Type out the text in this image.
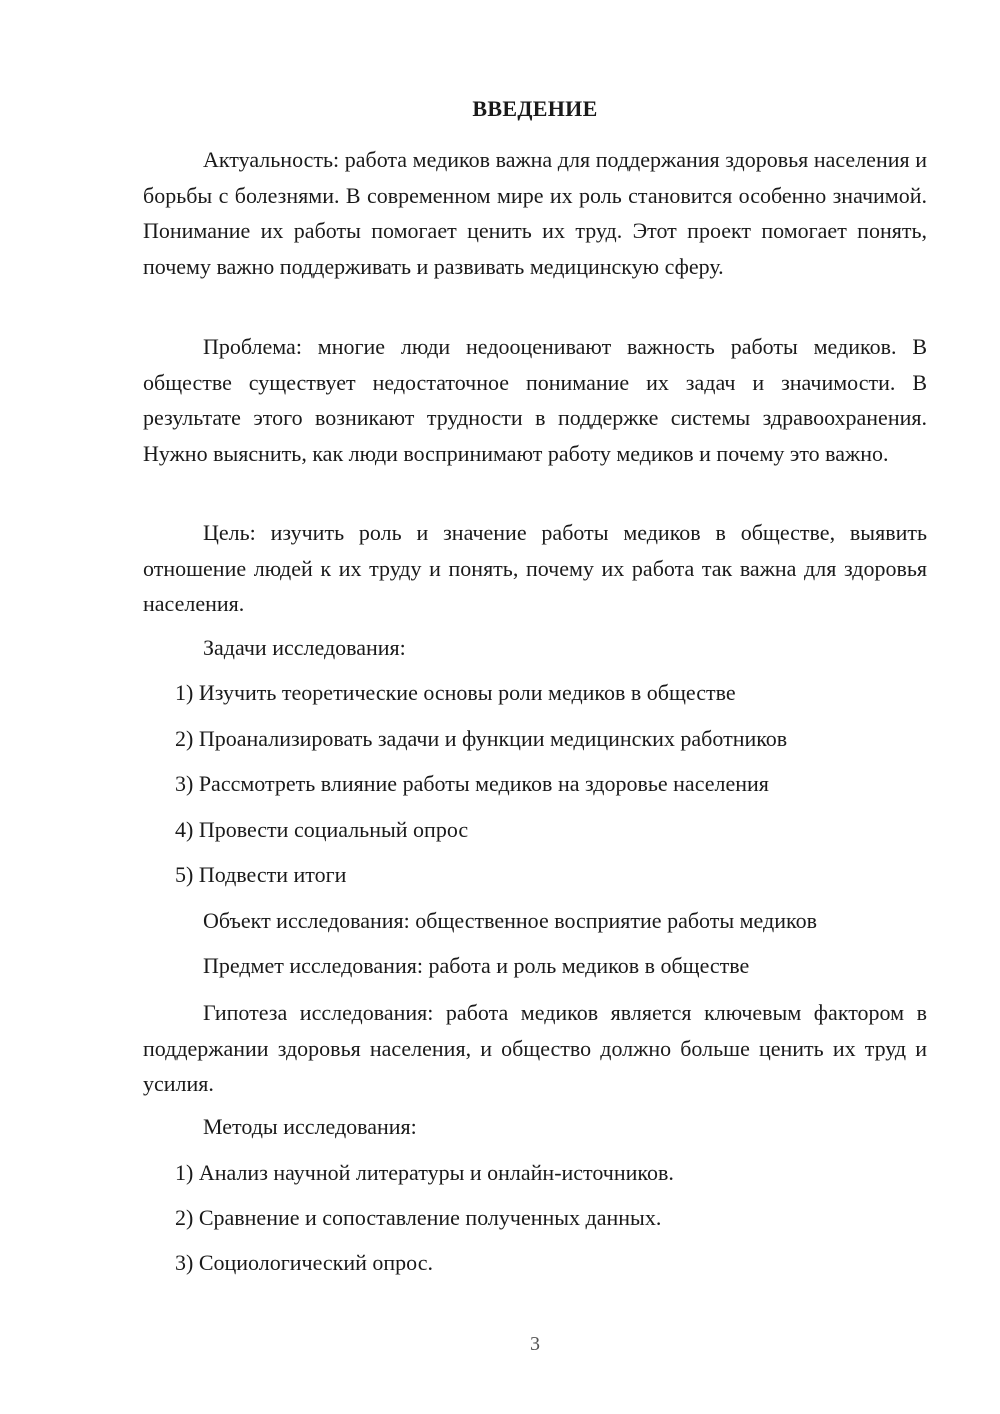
ВВЕДЕНИЕ

Актуальность: работа медиков важна для поддержания здоровья населения и борьбы с болезнями. В современном мире их роль становится особенно значимой. Понимание их работы помогает ценить их труд. Этот проект помогает понять, почему важно поддерживать и развивать медицинскую сферу.

Проблема: многие люди недооценивают важность работы медиков. В обществе существует недостаточное понимание их задач и значимости. В результате этого возникают трудности в поддержке системы здравоохранения. Нужно выяснить, как люди воспринимают работу медиков и почему это важно.

Цель: изучить роль и значение работы медиков в обществе, выявить отношение людей к их труду и понять, почему их работа так важна для здоровья населения.

Задачи исследования:

1) Изучить теоретические основы роли медиков в обществе

2) Проанализировать задачи и функции медицинских работников

3) Рассмотреть влияние работы медиков на здоровье населения

4) Провести социальный опрос

5) Подвести итоги

Объект исследования: общественное восприятие работы медиков

Предмет исследования: работа и роль медиков в обществе

Гипотеза исследования: работа медиков является ключевым фактором в поддержании здоровья населения, и общество должно больше ценить их труд и усилия.

Методы исследования:

1) Анализ научной литературы и онлайн-источников.

2) Сравнение и сопоставление полученных данных.

3) Социологический опрос.

3
